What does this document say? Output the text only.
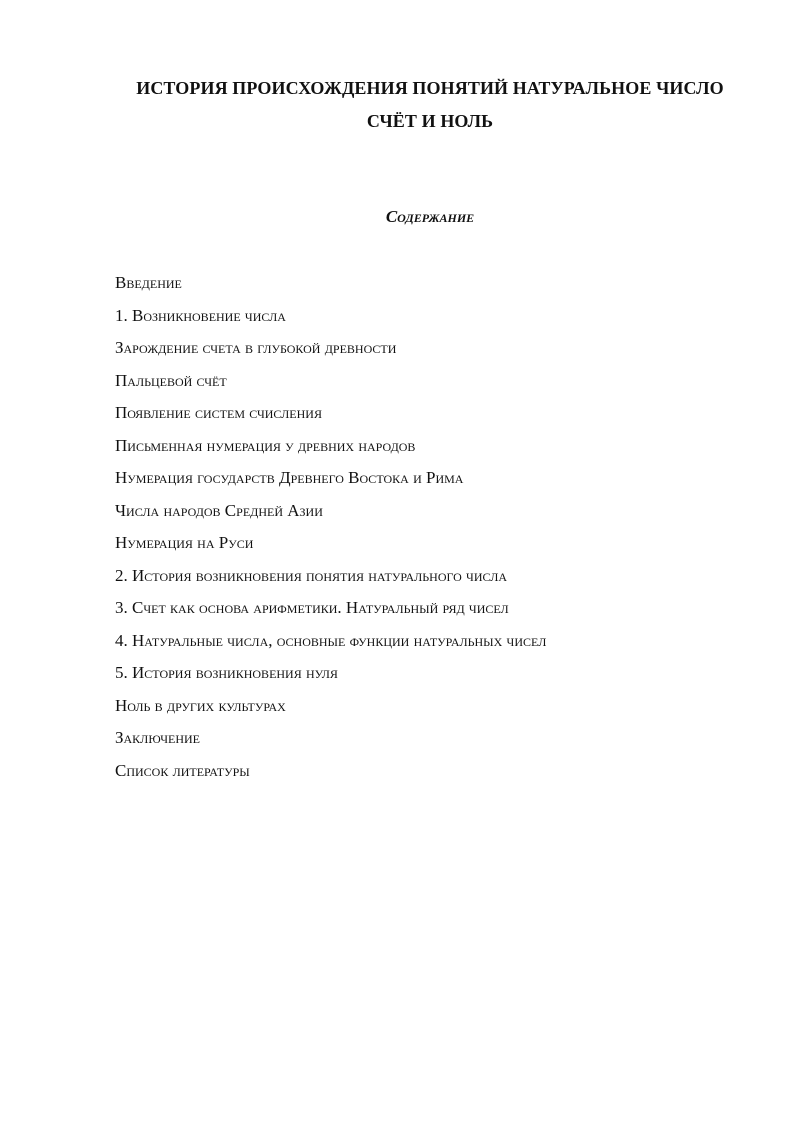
ИСТОРИЯ ПРОИСХОЖДЕНИЯ ПОНЯТИЙ НАТУРАЛЬНОЕ ЧИСЛО
СЧЁТ И НОЛЬ
Содержание
Введение
1. Возникновение числа
Зарождение счета в глубокой древности
Пальцевой счёт
Появление систем счисления
Письменная нумерация у древних народов
Нумерация государств Древнего Востока и Рима
Числа народов Средней Азии
Нумерация на Руси
2. История возникновения понятия натурального числа
3. Счет как основа арифметики. Натуральный ряд чисел
4. Натуральные числа, основные функции натуральных чисел
5. История возникновения нуля
Ноль в других культурах
Заключение
Список литературы
